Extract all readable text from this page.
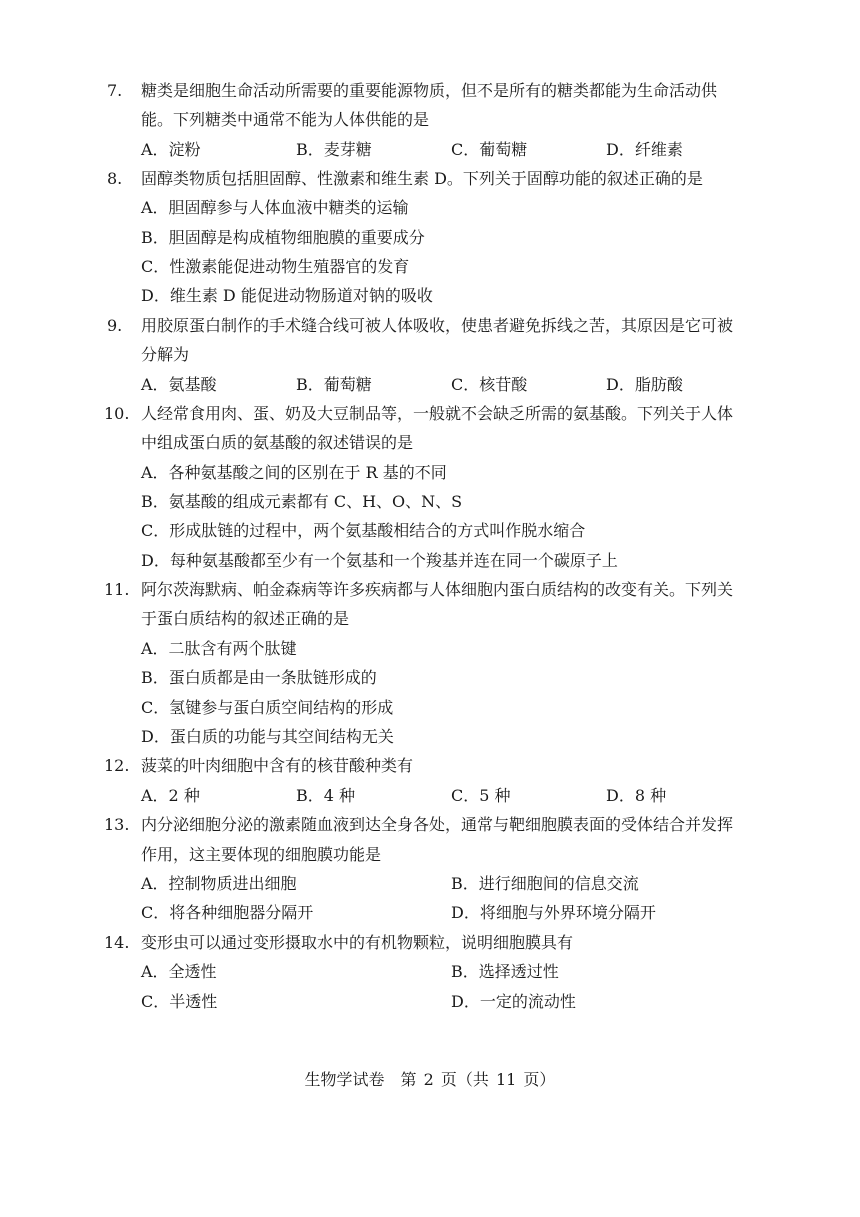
7. 糖类是细胞生命活动所需要的重要能源物质，但不是所有的糖类都能为生命活动供
能。下列糖类中通常不能为人体供能的是
A．淀粉	B．麦芽糖	C．葡萄糖	D．纤维素
8. 固醇类物质包括胆固醇、性激素和维生素 D。下列关于固醇功能的叙述正确的是
A．胆固醇参与人体血液中糖类的运输
B．胆固醇是构成植物细胞膜的重要成分
C．性激素能促进动物生殖器官的发育
D．维生素 D 能促进动物肠道对钠的吸收
9. 用胶原蛋白制作的手术缝合线可被人体吸收，使患者避免拆线之苦，其原因是它可被
分解为
A．氨基酸	B．葡萄糖	C．核苷酸	D．脂肪酸
10. 人经常食用肉、蛋、奶及大豆制品等，一般就不会缺乏所需的氨基酸。下列关于人体
中组成蛋白质的氨基酸的叙述错误的是
A．各种氨基酸之间的区别在于 R 基的不同
B．氨基酸的组成元素都有 C、H、O、N、S
C．形成肽链的过程中，两个氨基酸相结合的方式叫作脱水缩合
D．每种氨基酸都至少有一个氨基和一个羧基并连在同一个碳原子上
11. 阿尔茨海默病、帕金森病等许多疾病都与人体细胞内蛋白质结构的改变有关。下列关
于蛋白质结构的叙述正确的是
A．二肽含有两个肽键
B．蛋白质都是由一条肽链形成的
C．氢键参与蛋白质空间结构的形成
D．蛋白质的功能与其空间结构无关
12. 菠菜的叶肉细胞中含有的核苷酸种类有
A．2 种	B．4 种	C．5 种	D．8 种
13. 内分泌细胞分泌的激素随血液到达全身各处，通常与靶细胞膜表面的受体结合并发挥
作用，这主要体现的细胞膜功能是
A．控制物质进出细胞	B．进行细胞间的信息交流
C．将各种细胞器分隔开	D．将细胞与外界环境分隔开
14. 变形虫可以通过变形摄取水中的有机物颗粒，说明细胞膜具有
A．全透性	B．选择透过性
C．半透性	D．一定的流动性
生物学试卷　第 2 页（共 11 页）
